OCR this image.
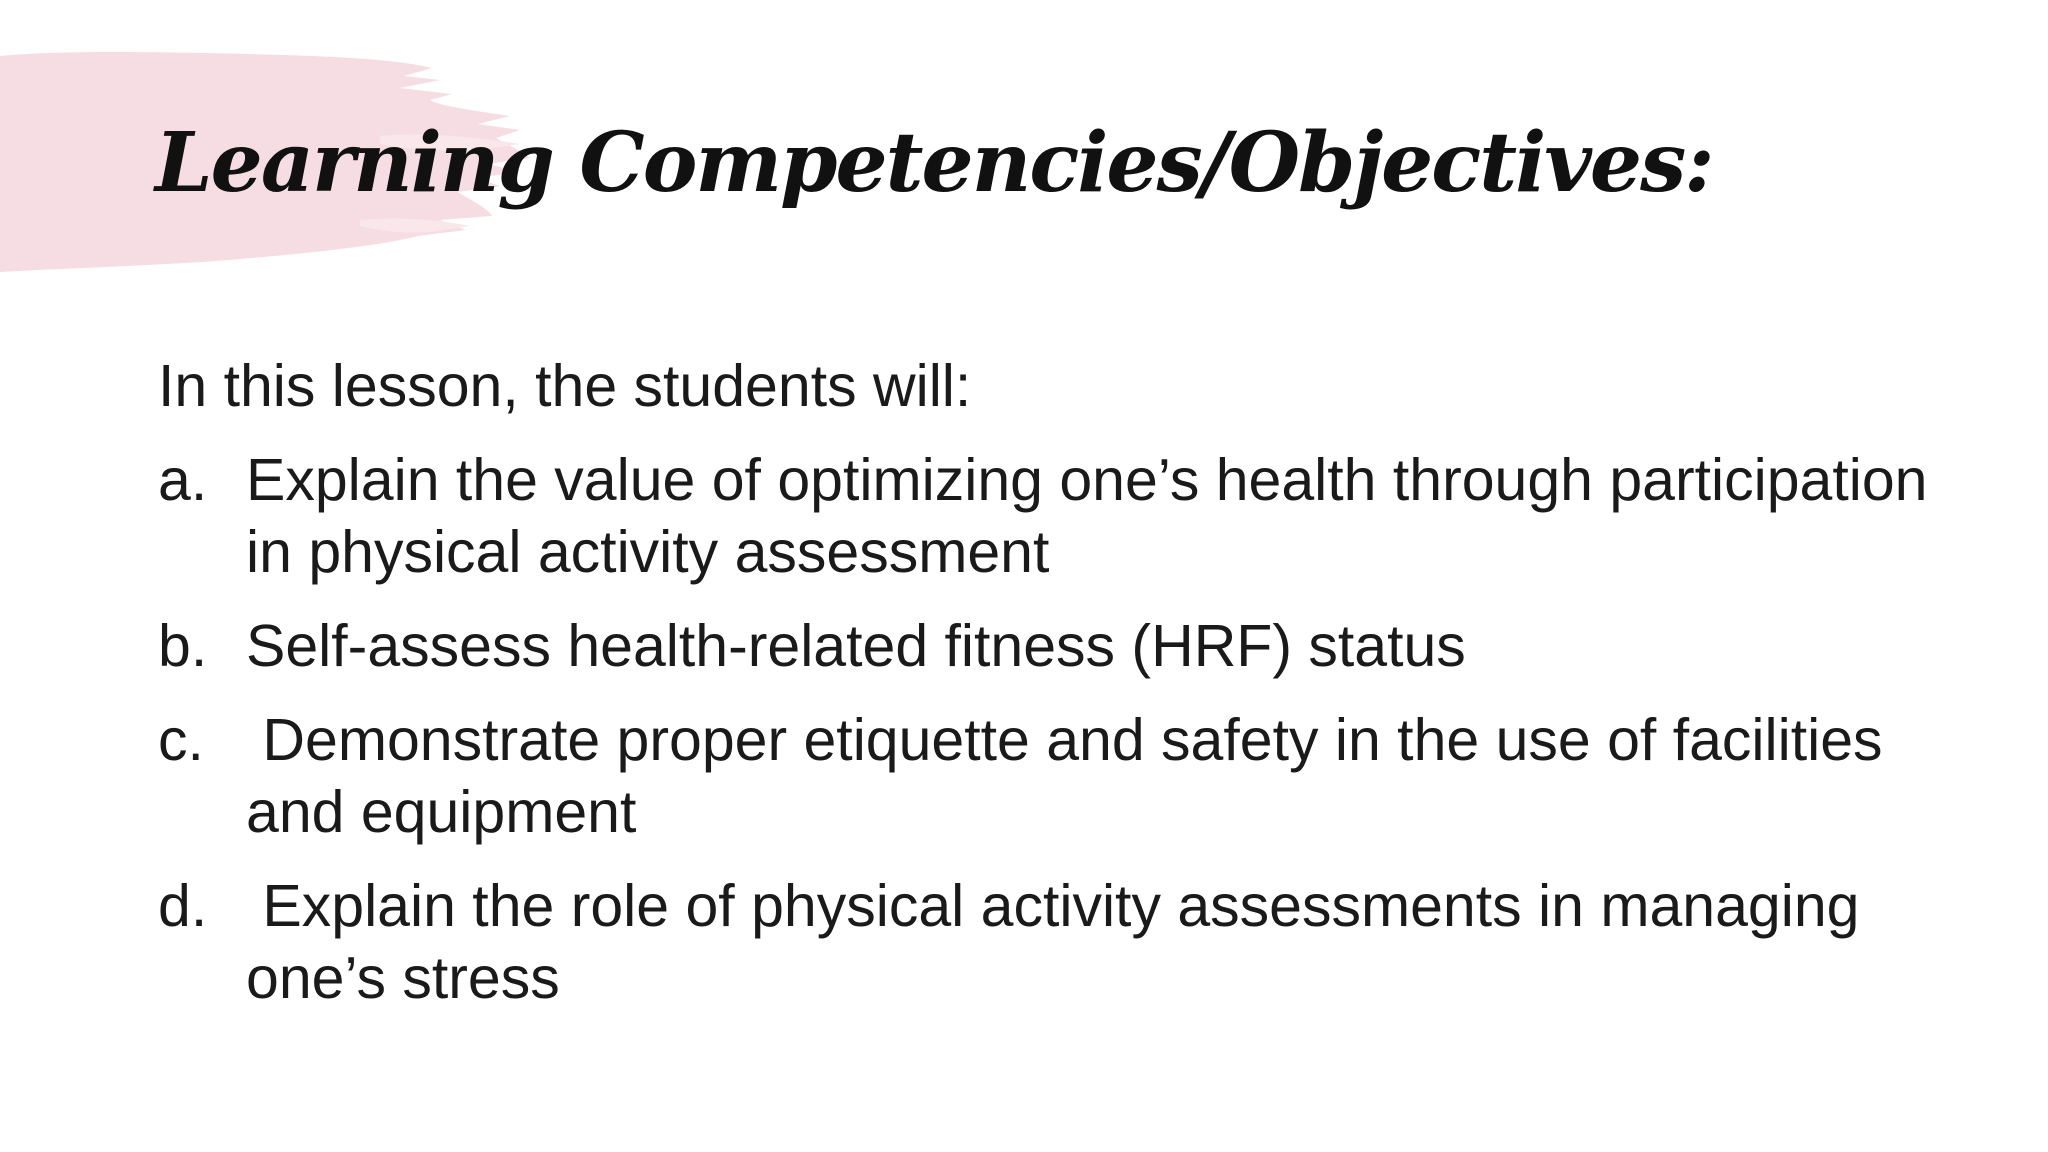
Learning Competencies/Objectives:

In this lesson, the students will:

a. Explain the value of optimizing one’s health through participation in physical activity assessment
b. Self-assess health-related fitness (HRF) status
c. Demonstrate proper etiquette and safety in the use of facilities and equipment
d. Explain the role of physical activity assessments in managing one’s stress
